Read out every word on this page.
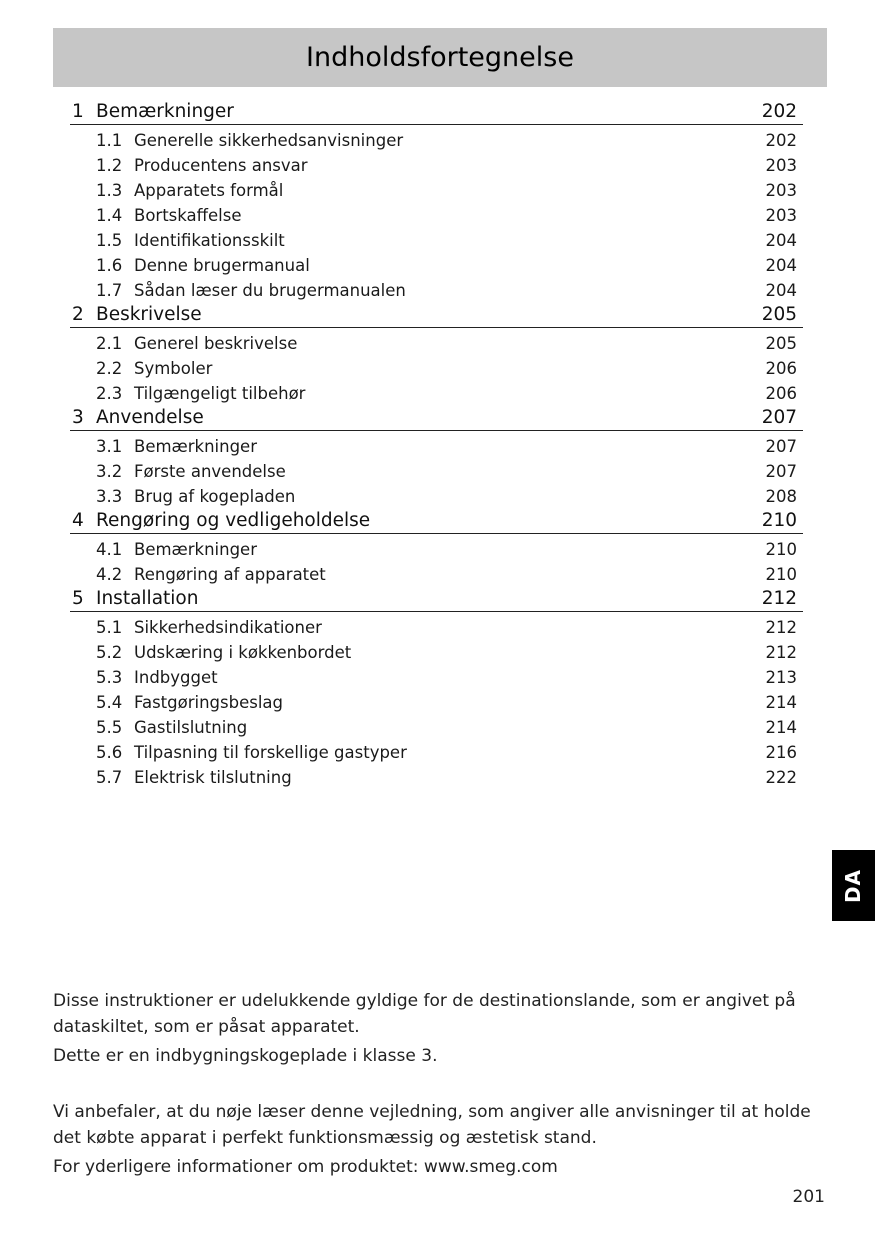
Indholdsfortegnelse
1 Bemærkninger	202
1.1 Generelle sikkerhedsanvisninger	202
1.2 Producentens ansvar	203
1.3 Apparatets formål	203
1.4 Bortskaffelse	203
1.5 Identifikationsskilt	204
1.6 Denne brugermanual	204
1.7 Sådan læser du brugermanualen	204
2 Beskrivelse	205
2.1 Generel beskrivelse	205
2.2 Symboler	206
2.3 Tilgængeligt tilbehør	206
3 Anvendelse	207
3.1 Bemærkninger	207
3.2 Første anvendelse	207
3.3 Brug af kogepladen	208
4 Rengøring og vedligeholdelse	210
4.1 Bemærkninger	210
4.2 Rengøring af apparatet	210
5 Installation	212
5.1 Sikkerhedsindikationer	212
5.2 Udskæring i køkkenbordet	212
5.3 Indbygget	213
5.4 Fastgøringsbeslag	214
5.5 Gastilslutning	214
5.6 Tilpasning til forskellige gastyper	216
5.7 Elektrisk tilslutning	222
DA

Disse instruktioner er udelukkende gyldige for de destinationslande, som er angivet på dataskiltet, som er påsat apparatet.

Dette er en indbygningskogeplade i klasse 3.

Vi anbefaler, at du nøje læser denne vejledning, som angiver alle anvisninger til at holde det købte apparat i perfekt funktionsmæssig og æstetisk stand.

For yderligere informationer om produktet: www.smeg.com

201
